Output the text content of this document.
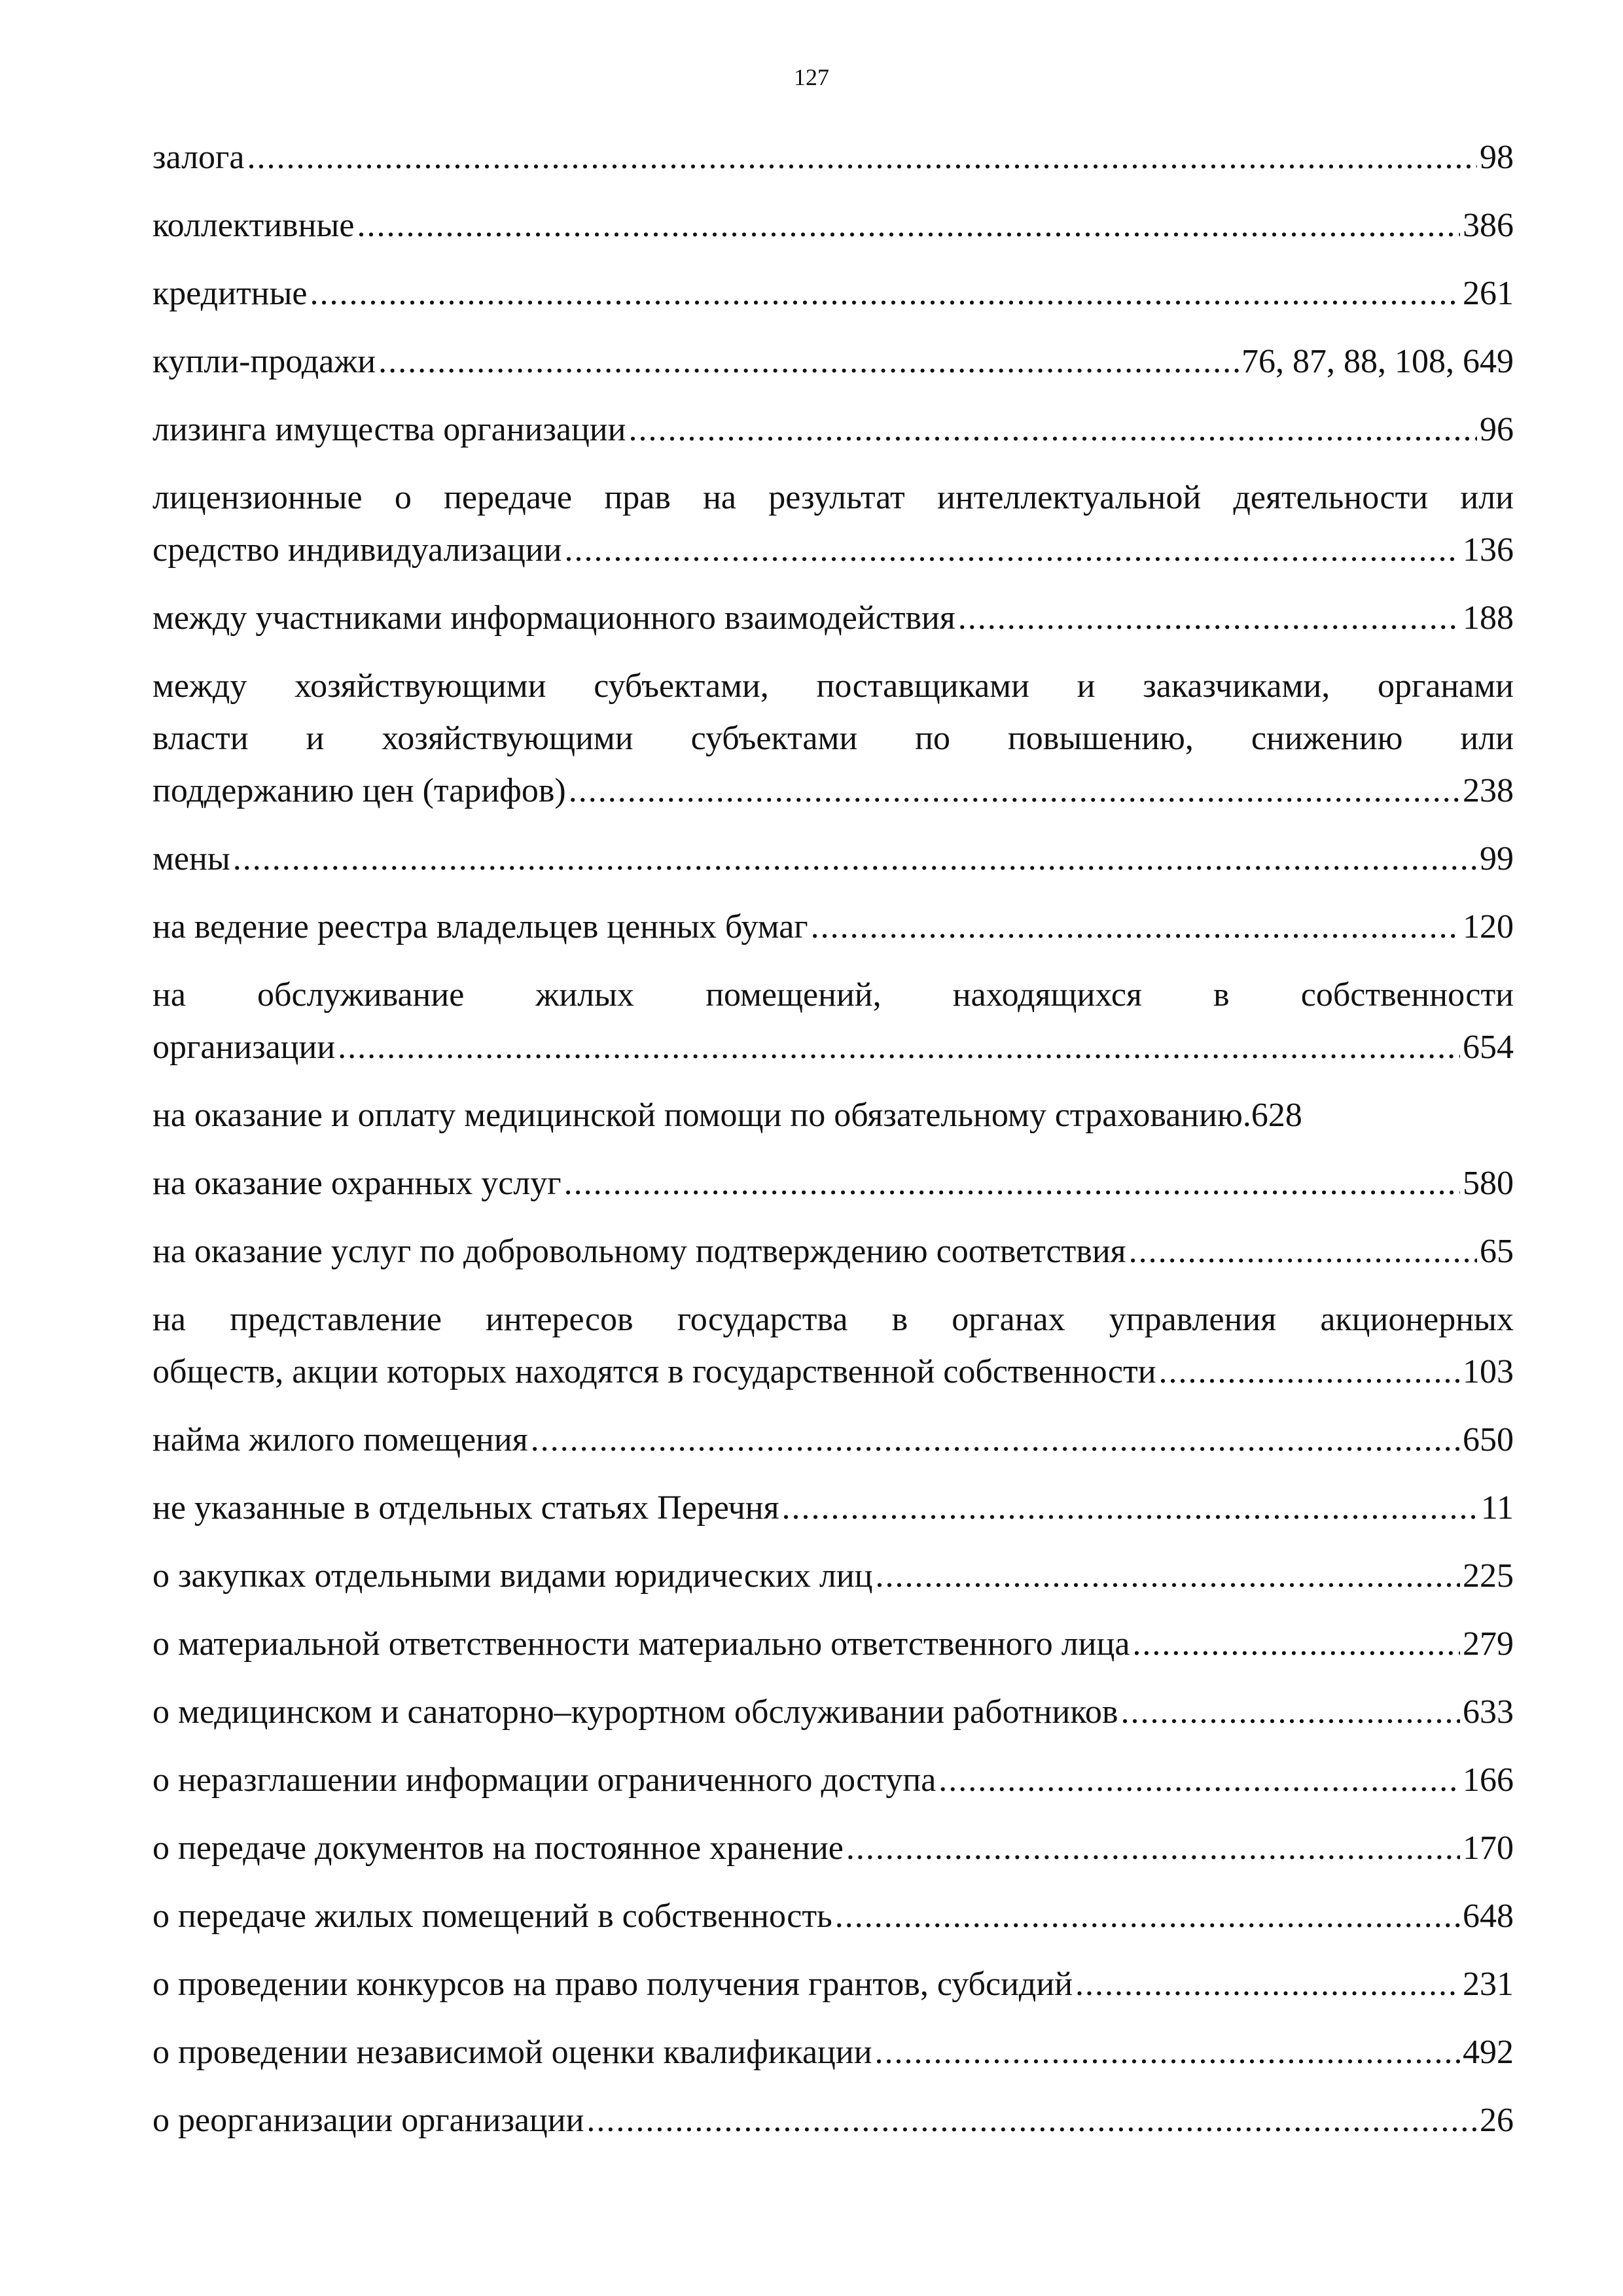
127
залога .....	98
коллективные .....	386
кредитные .....	261
купли-продажи .....	76, 87, 88, 108, 649
лизинга имущества организации .....	96
лицензионные о передаче прав на результат интеллектуальной деятельности или
средство индивидуализации .....	136
между участниками информационного взаимодействия .....	188
между хозяйствующими субъектами, поставщиками и заказчиками, органами
власти и хозяйствующими субъектами по повышению, снижению или
поддержанию цен (тарифов) .....	238
мены .....	99
на ведение реестра владельцев ценных бумаг .....	120
на обслуживание жилых помещений, находящихся в собственности
организации .....	654
на оказание и оплату медицинской помощи по обязательному страхованию . 628
на оказание охранных услуг .....	580
на оказание услуг по добровольному подтверждению соответствия .....	65
на представление интересов государства в органах управления акционерных
обществ, акции которых находятся в государственной собственности .....	103
найма жилого помещения .....	650
не указанные в отдельных статьях Перечня .....	11
о закупках отдельными видами юридических лиц .....	225
о материальной ответственности материально ответственного лица .....	279
о медицинском и санаторно–курортном обслуживании работников .....	633
о неразглашении информации ограниченного доступа .....	166
о передаче документов на постоянное хранение .....	170
о передаче жилых помещений в собственность .....	648
о проведении конкурсов на право получения грантов, субсидий .....	231
о проведении независимой оценки квалификации .....	492
о реорганизации организации .....	26
